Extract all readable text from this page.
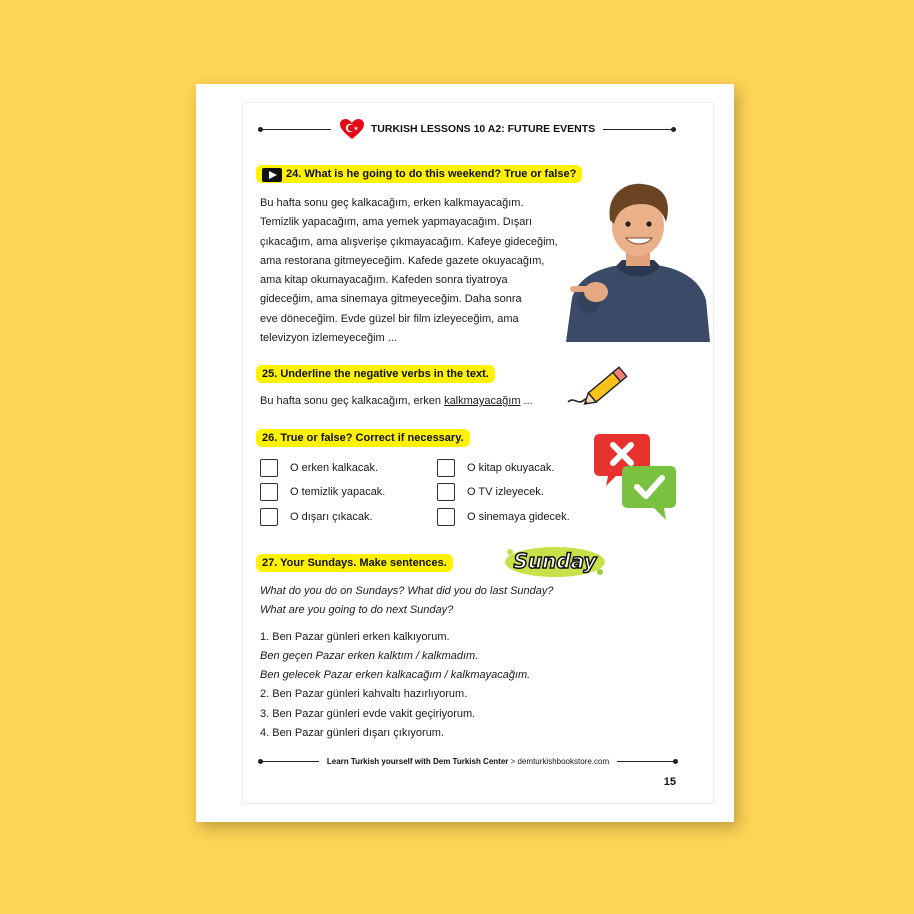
TURKISH LESSONS 10 A2: FUTURE EVENTS
24. What is he going to do this weekend? True or false?
Bu hafta sonu geç kalkacağım, erken kalkmayacağım.
Temizlik yapacağım, ama yemek yapmayacağım. Dışarı
çıkacağım, ama alışverişe çıkmayacağım. Kafeye gideceğim,
ama restorana gitmeyeceğim. Kafede gazete okuyacağım,
ama kitap okumayacağım. Kafeden sonra tiyatroya
gideceğim, ama sinemaya gitmeyeceğim. Daha sonra
eve döneceğim. Evde güzel bir film izleyeceğim, ama
televizyon izlemeyeceğim ...
25. Underline the negative verbs in the text.
Bu hafta sonu geç kalkacağım, erken kalkmayacağım ...
26. True or false? Correct if necessary.
O erken kalkacak.
O temizlik yapacak.
O dışarı çıkacak.
O kitap okuyacak.
O TV izleyecek.
O sinemaya gidecek.
27. Your Sundays. Make sentences.	Sunday
What do you do on Sundays? What did you do last Sunday?
What are you going to do next Sunday?
1. Ben Pazar günleri erken kalkıyorum.
Ben geçen Pazar erken kalktım / kalkmadım.
Ben gelecek Pazar erken kalkacağım / kalkmayacağım.
2. Ben Pazar günleri kahvaltı hazırlıyorum.
3. Ben Pazar günleri evde vakit geçiriyorum.
4. Ben Pazar günleri dışarı çıkıyorum.
Learn Turkish yourself with Dem Turkish Center > demturkishbookstore.com
15
